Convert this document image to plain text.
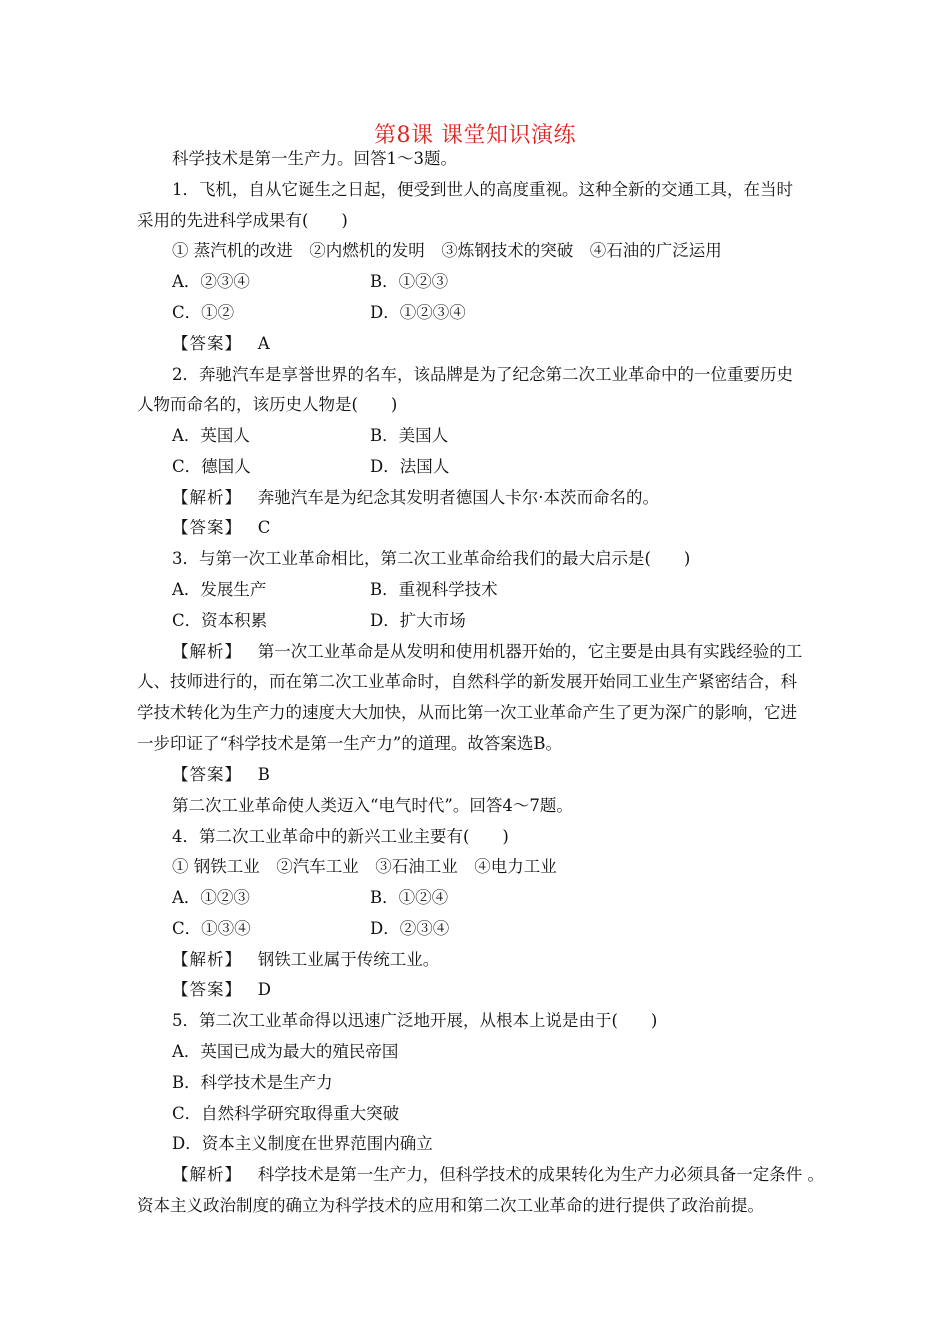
第8课 课堂知识演练
科学技术是第一生产力。回答1～3题。
1．飞机，自从它诞生之日起，便受到世人的高度重视。这种全新的交通工具，在当时
采用的先进科学成果有(　　)
① 蒸汽机的改进　②内燃机的发明　③炼钢技术的突破　④石油的广泛运用
A．②③④	B．①②③
C．①②	D．①②③④
【答案】 A
2．奔驰汽车是享誉世界的名车，该品牌是为了纪念第二次工业革命中的一位重要历史
人物而命名的，该历史人物是(　　)
A．英国人	B．美国人
C．德国人	D．法国人
【解析】 奔驰汽车是为纪念其发明者德国人卡尔·本茨而命名的。
【答案】 C
3．与第一次工业革命相比，第二次工业革命给我们的最大启示是(　　)
A．发展生产	B．重视科学技术
C．资本积累	D．扩大市场
【解析】 第一次工业革命是从发明和使用机器开始的，它主要是由具有实践经验的工
人、技师进行的，而在第二次工业革命时，自然科学的新发展开始同工业生产紧密结合，科
学技术转化为生产力的速度大大加快，从而比第一次工业革命产生了更为深广的影响，它进
一步印证了“科学技术是第一生产力”的道理。故答案选B。
【答案】 B
第二次工业革命使人类迈入“电气时代”。回答4～7题。
4．第二次工业革命中的新兴工业主要有(　　)
① 钢铁工业　②汽车工业　③石油工业　④电力工业
A．①②③	B．①②④
C．①③④	D．②③④
【解析】 钢铁工业属于传统工业。
【答案】 D
5．第二次工业革命得以迅速广泛地开展，从根本上说是由于(　　)
A．英国已成为最大的殖民帝国
B．科学技术是生产力
C．自然科学研究取得重大突破
D．资本主义制度在世界范围内确立
【解析】 科学技术是第一生产力，但科学技术的成果转化为生产力必须具备一定条件 。
资本主义政治制度的确立为科学技术的应用和第二次工业革命的进行提供了政治前提。
